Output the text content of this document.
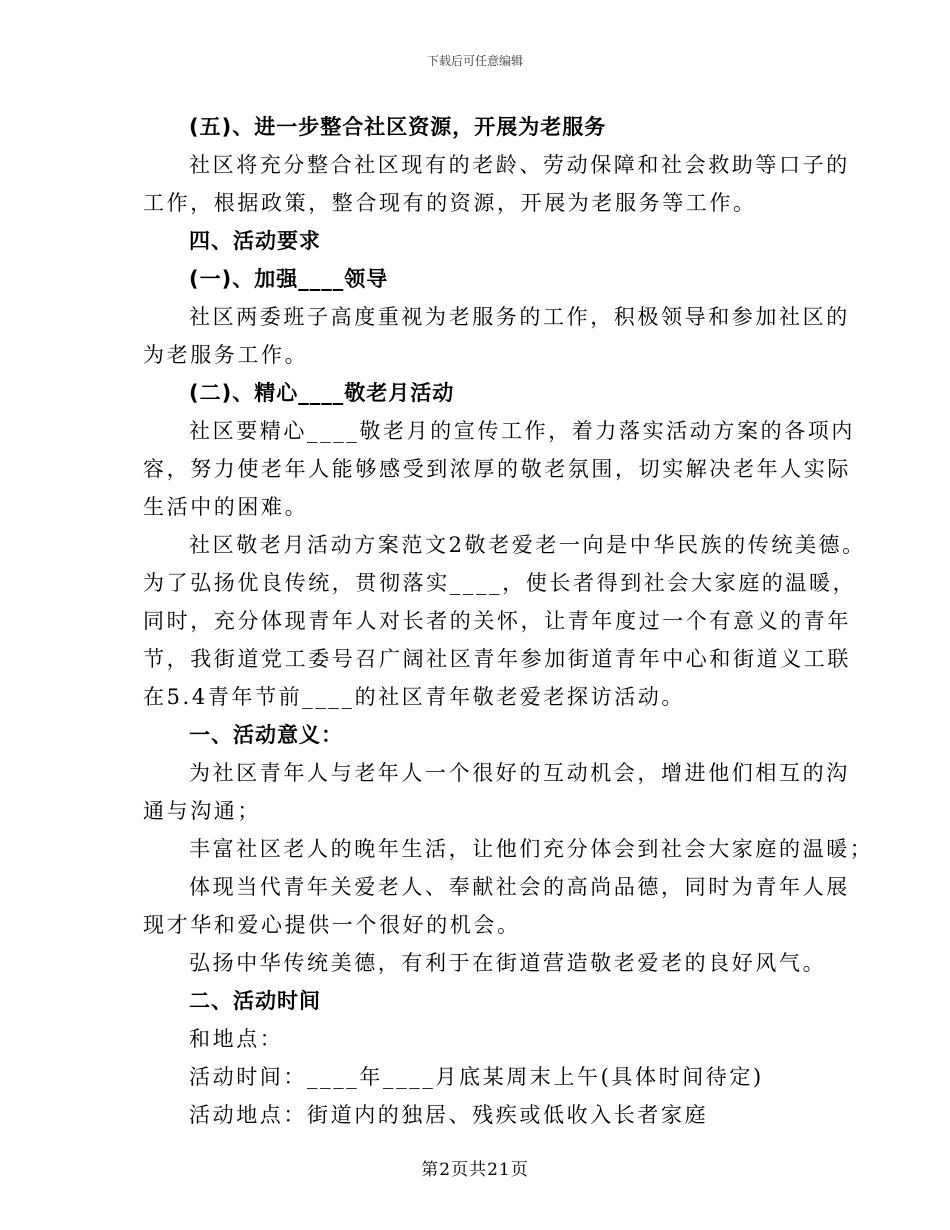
下载后可任意编辑
(五)、进一步整合社区资源，开展为老服务
社区将充分整合社区现有的老龄、劳动保障和社会救助等口子的
工作，根据政策，整合现有的资源，开展为老服务等工作。
四、活动要求
(一)、加强____领导
社区两委班子高度重视为老服务的工作，积极领导和参加社区的
为老服务工作。
(二)、精心____敬老月活动
社区要精心____敬老月的宣传工作，着力落实活动方案的各项内
容，努力使老年人能够感受到浓厚的敬老氛围，切实解决老年人实际
生活中的困难。
社区敬老月活动方案范文2敬老爱老一向是中华民族的传统美德。
为了弘扬优良传统，贯彻落实____，使长者得到社会大家庭的温暖，
同时，充分体现青年人对长者的关怀，让青年度过一个有意义的青年
节，我街道党工委号召广阔社区青年参加街道青年中心和街道义工联
在5.4青年节前____的社区青年敬老爱老探访活动。
一、活动意义：
为社区青年人与老年人一个很好的互动机会，增进他们相互的沟
通与沟通；
丰富社区老人的晚年生活，让他们充分体会到社会大家庭的温暖；
体现当代青年关爱老人、奉献社会的高尚品德，同时为青年人展
现才华和爱心提供一个很好的机会。
弘扬中华传统美德，有利于在街道营造敬老爱老的良好风气。
二、活动时间
和地点：
活动时间：____年____月底某周末上午(具体时间待定)
活动地点：街道内的独居、残疾或低收入长者家庭
第2页共21页
